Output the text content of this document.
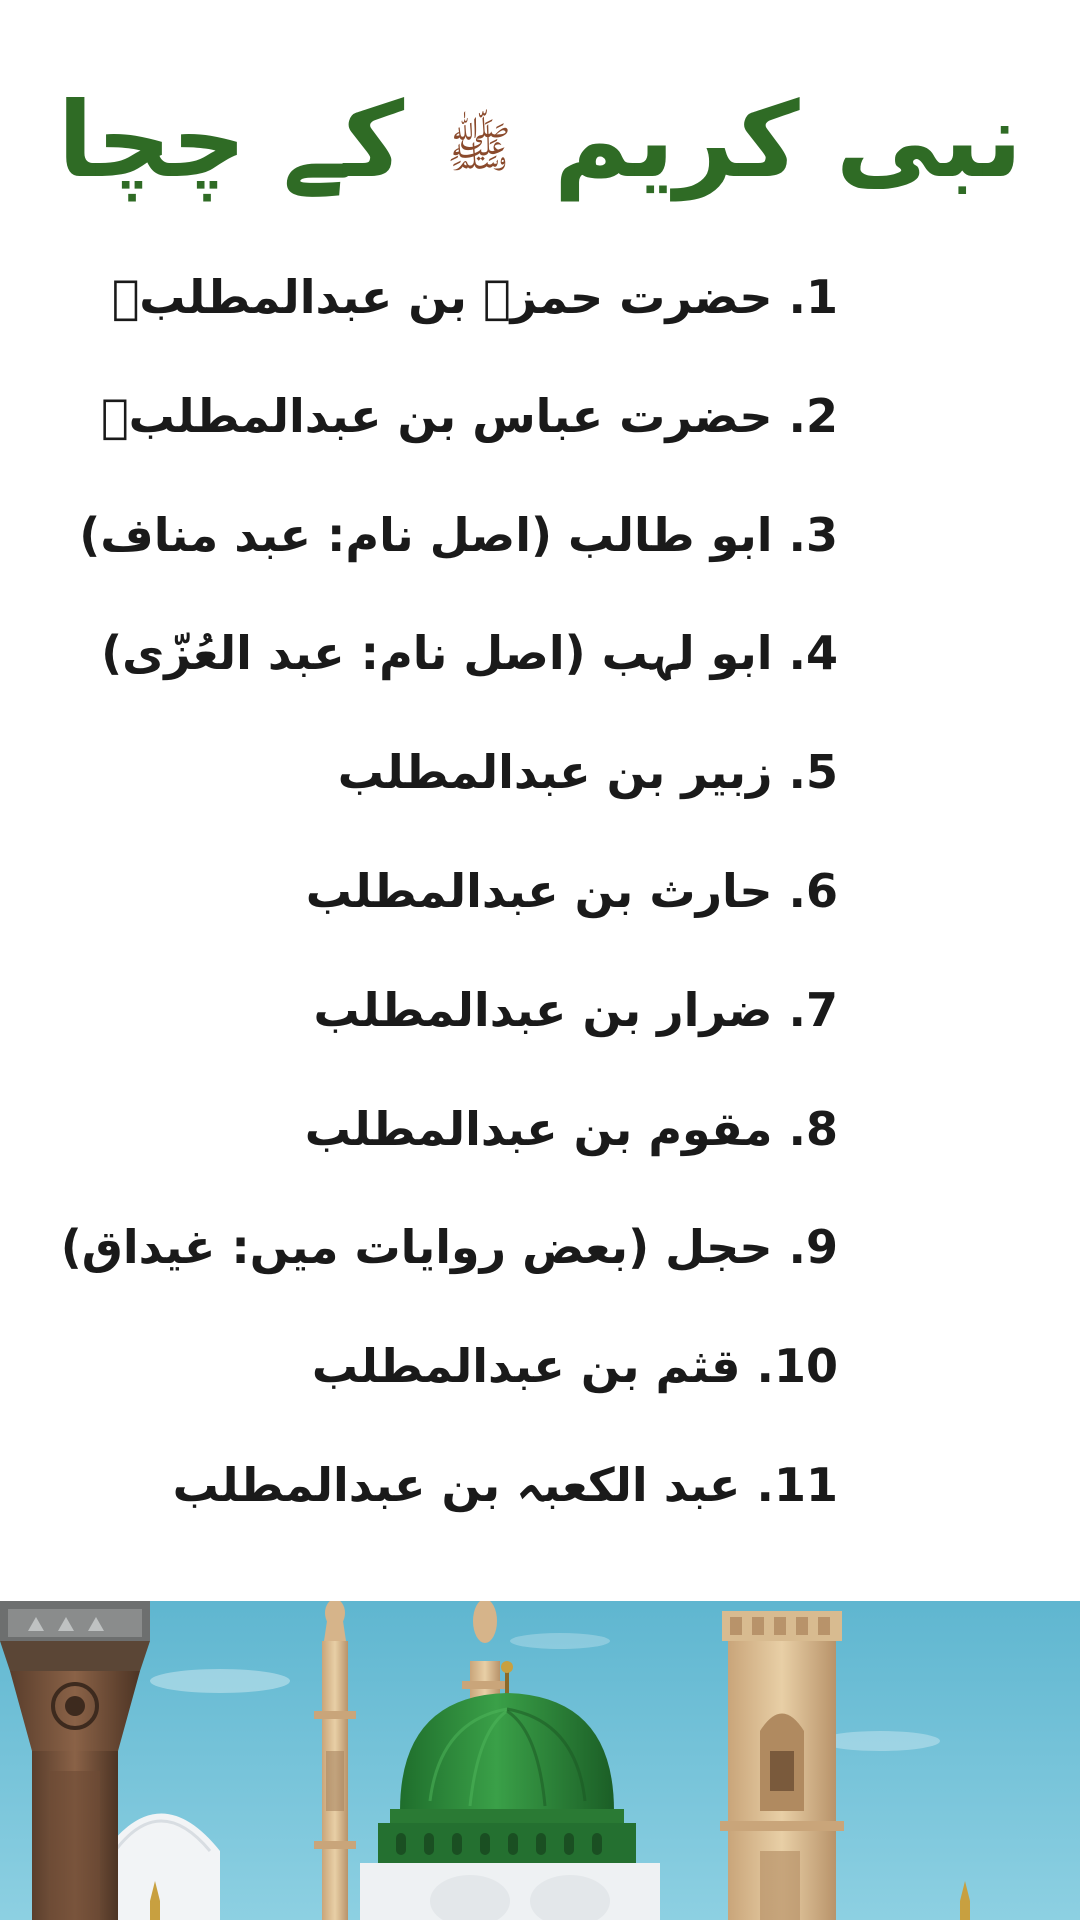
نبی کریم ﷺ کے چچا
1. حضرت حمزہ بن عبدالمطلبؓ
2. حضرت عباس بن عبدالمطلبؓ
3. ابو طالب (اصل نام: عبد مناف)
4. ابو لہب (اصل نام: عبد العُزّی)
5. زبیر بن عبدالمطلب
6. حارث بن عبدالمطلب
7. ضرار بن عبدالمطلب
8. مقوم بن عبدالمطلب
9. حجل (بعض روایات میں: غیداق)
10. قثم بن عبدالمطلب
11. عبد الکعبہ بن عبدالمطلب
